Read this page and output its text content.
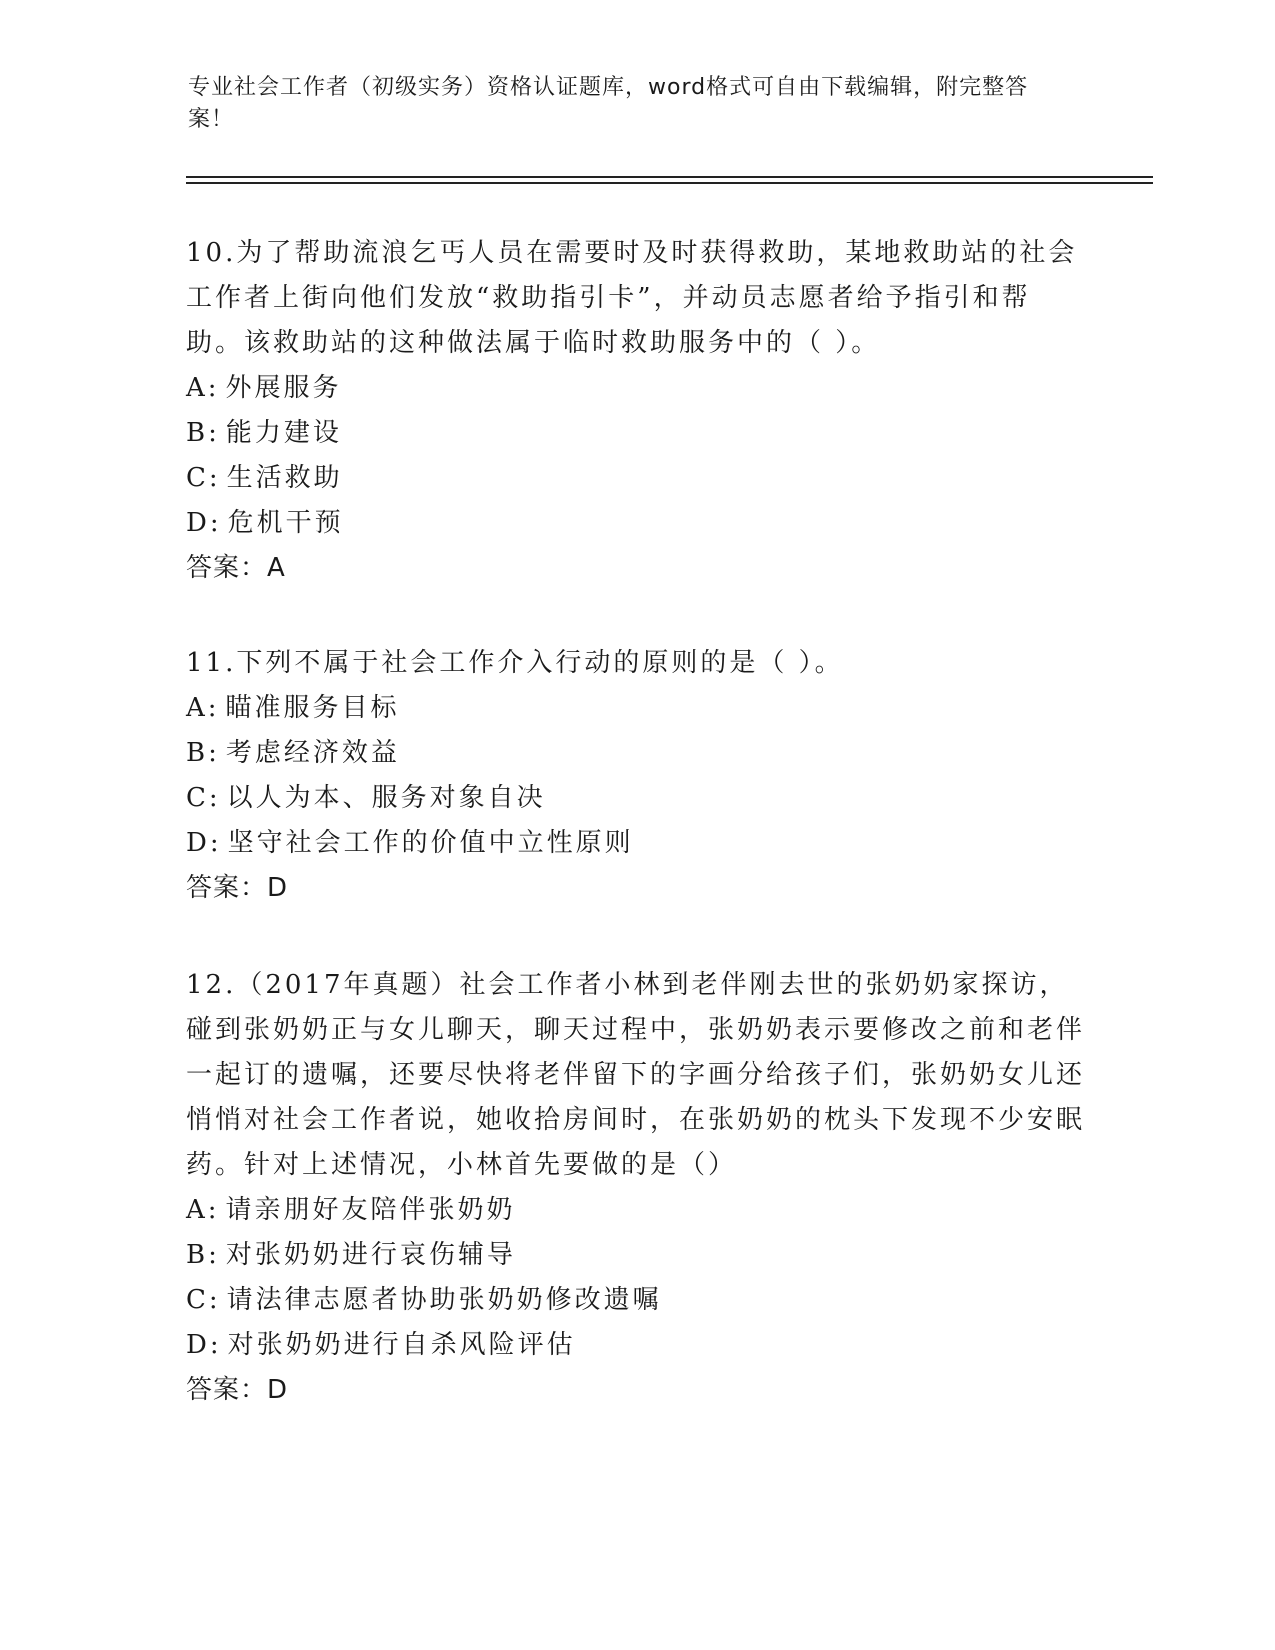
专业社会工作者（初级实务）资格认证题库，word格式可自由下载编辑，附完整答案！

10.为了帮助流浪乞丐人员在需要时及时获得救助，某地救助站的社会工作者上街向他们发放“救助指引卡”，并动员志愿者给予指引和帮助。该救助站的这种做法属于临时救助服务中的（ ）。

A: 外展服务

B: 能力建设

C: 生活救助

D: 危机干预

答案：A

11.下列不属于社会工作介入行动的原则的是（ ）。

A: 瞄准服务目标

B: 考虑经济效益

C: 以人为本、服务对象自决

D: 坚守社会工作的价值中立性原则

答案：D

12.（2017年真题）社会工作者小林到老伴刚去世的张奶奶家探访，碰到张奶奶正与女儿聊天，聊天过程中，张奶奶表示要修改之前和老伴一起订的遗嘱，还要尽快将老伴留下的字画分给孩子们，张奶奶女儿还悄悄对社会工作者说，她收拾房间时，在张奶奶的枕头下发现不少安眠药。针对上述情况，小林首先要做的是（）

A: 请亲朋好友陪伴张奶奶

B: 对张奶奶进行哀伤辅导

C: 请法律志愿者协助张奶奶修改遗嘱

D: 对张奶奶进行自杀风险评估

答案：D
